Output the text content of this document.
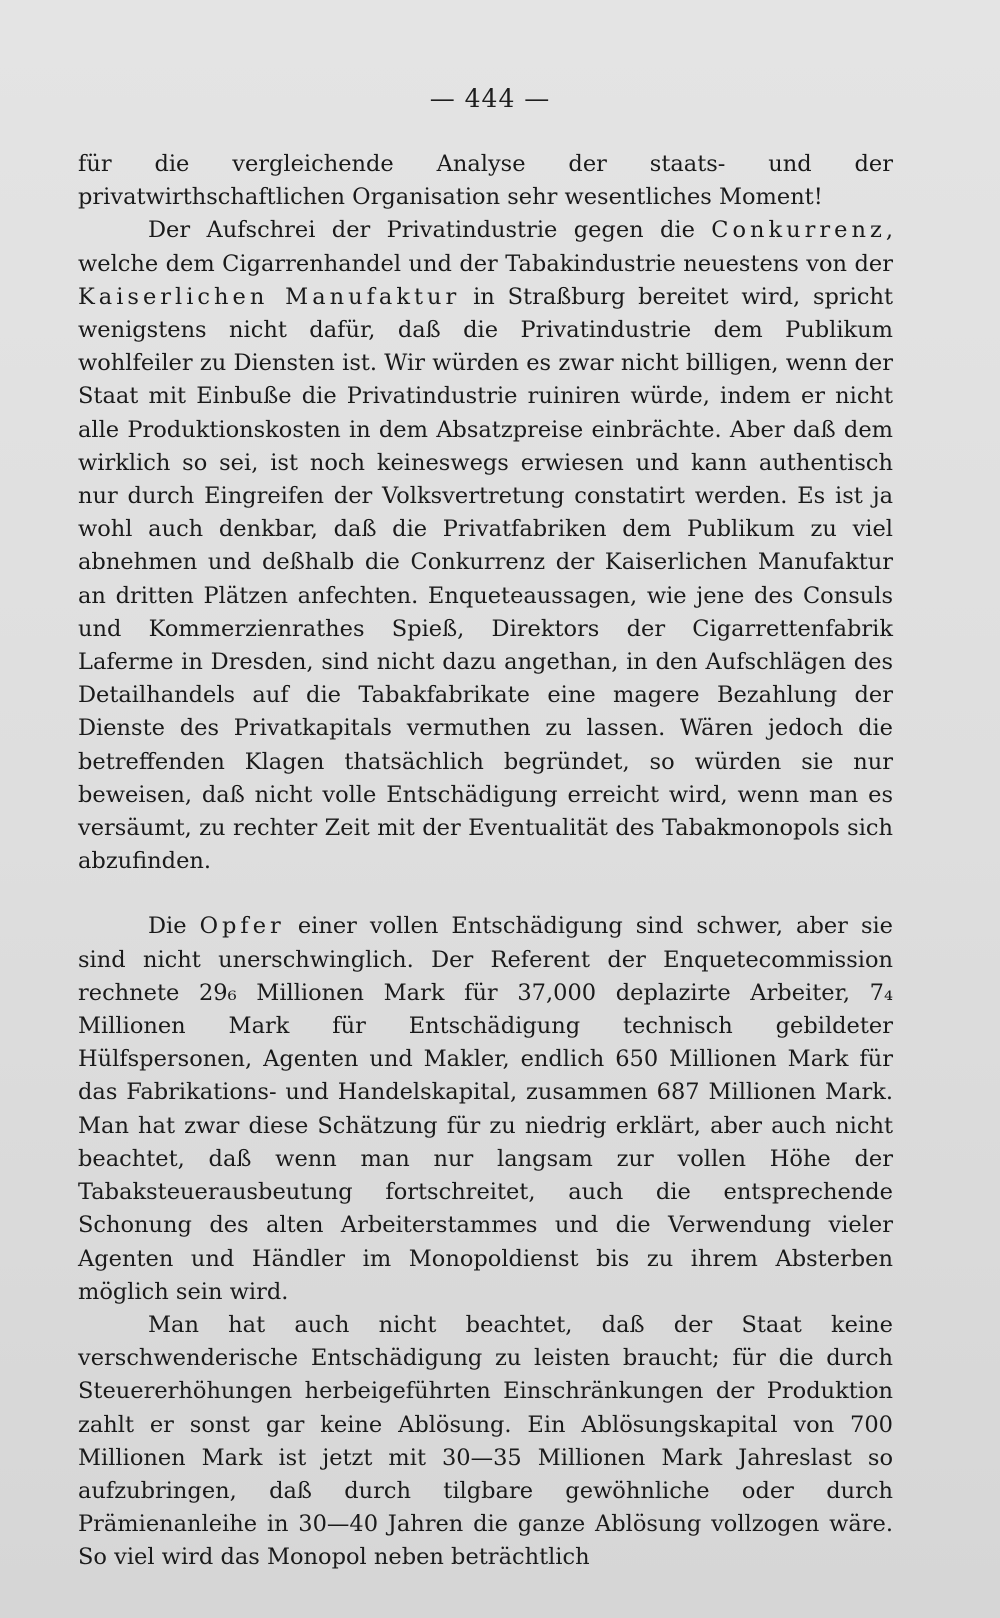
— 444 —

für die vergleichende Analyse der staats- und der privatwirthschaftlichen Organisation sehr wesentliches Moment!

Der Aufschrei der Privatindustrie gegen die Conkurrenz, welche dem Cigarrenhandel und der Tabakindustrie neuestens von der Kaiserlichen Manufaktur in Straßburg bereitet wird, spricht wenigstens nicht dafür, daß die Privatindustrie dem Publikum wohlfeiler zu Diensten ist. Wir würden es zwar nicht billigen, wenn der Staat mit Einbuße die Privatindustrie ruiniren würde, indem er nicht alle Produktionskosten in dem Absatzpreise einbrächte. Aber daß dem wirklich so sei, ist noch keineswegs erwiesen und kann authentisch nur durch Eingreifen der Volksvertretung constatirt werden. Es ist ja wohl auch denkbar, daß die Privatfabriken dem Publikum zu viel abnehmen und deßhalb die Conkurrenz der Kaiserlichen Manufaktur an dritten Plätzen anfechten. Enqueteaussagen, wie jene des Consuls und Kommerzienrathes Spieß, Direktors der Cigarrettenfabrik Laferme in Dresden, sind nicht dazu angethan, in den Aufschlägen des Detailhandels auf die Tabakfabrikate eine magere Bezahlung der Dienste des Privatkapitals vermuthen zu lassen. Wären jedoch die betreffenden Klagen thatsächlich begründet, so würden sie nur beweisen, daß nicht volle Entschädigung erreicht wird, wenn man es versäumt, zu rechter Zeit mit der Eventualität des Tabakmonopols sich abzufinden.

Die Opfer einer vollen Entschädigung sind schwer, aber sie sind nicht unerschwinglich. Der Referent der Enquetecommission rechnete 29₆ Millionen Mark für 37,000 deplazirte Arbeiter, 7₄ Millionen Mark für Entschädigung technisch gebildeter Hülfspersonen, Agenten und Makler, endlich 650 Millionen Mark für das Fabrikations- und Handelskapital, zusammen 687 Millionen Mark. Man hat zwar diese Schätzung für zu niedrig erklärt, aber auch nicht beachtet, daß wenn man nur langsam zur vollen Höhe der Tabaksteuerausbeutung fortschreitet, auch die entsprechende Schonung des alten Arbeiterstammes und die Verwendung vieler Agenten und Händler im Monopoldienst bis zu ihrem Absterben möglich sein wird.

Man hat auch nicht beachtet, daß der Staat keine verschwenderische Entschädigung zu leisten braucht; für die durch Steuererhöhungen herbeigeführten Einschränkungen der Produktion zahlt er sonst gar keine Ablösung. Ein Ablösungskapital von 700 Millionen Mark ist jetzt mit 30—35 Millionen Mark Jahreslast so aufzubringen, daß durch tilgbare gewöhnliche oder durch Prämienanleihe in 30—40 Jahren die ganze Ablösung vollzogen wäre. So viel wird das Monopol neben beträchtlich
